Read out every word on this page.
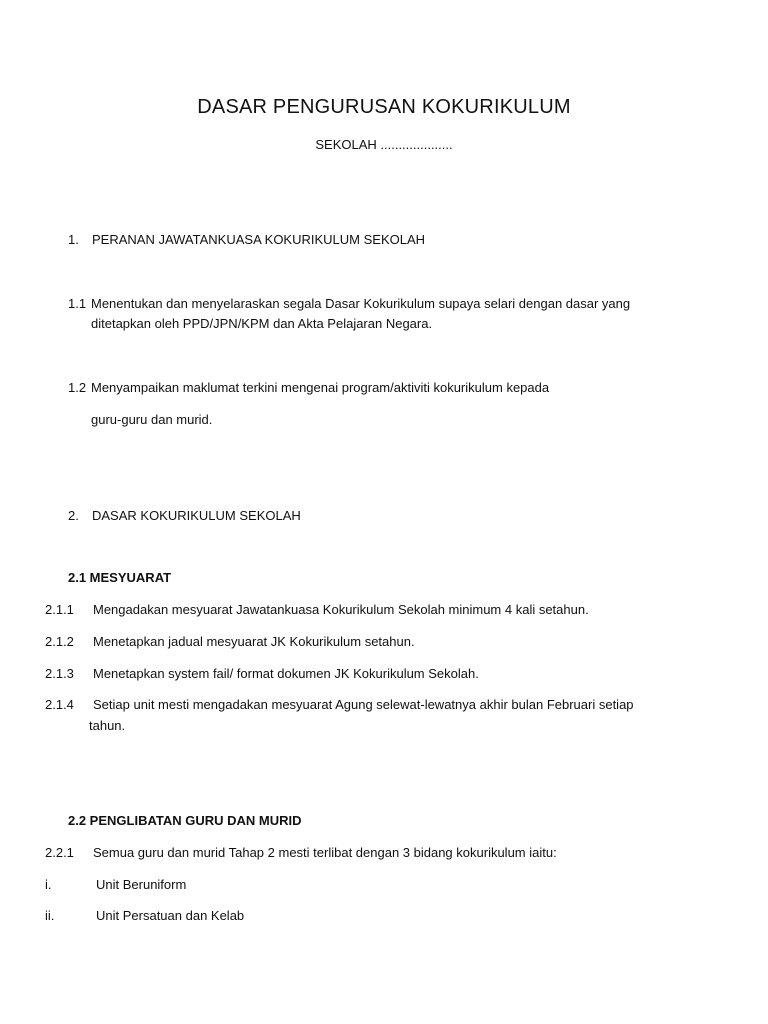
DASAR PENGURUSAN KOKURIKULUM
SEKOLAH ....................
1. PERANAN JAWATANKUASA KOKURIKULUM SEKOLAH
1.1 Menentukan dan menyelaraskan segala Dasar Kokurikulum supaya selari dengan dasar yang
ditetapkan oleh PPD/JPN/KPM dan Akta Pelajaran Negara.
1.2 Menyampaikan maklumat terkini mengenai program/aktiviti kokurikulum kepada
guru-guru dan murid.
2. DASAR KOKURIKULUM SEKOLAH
2.1 MESYUARAT
2.1.1 Mengadakan mesyuarat Jawatankuasa Kokurikulum Sekolah minimum 4 kali setahun.
2.1.2 Menetapkan jadual mesyuarat JK Kokurikulum setahun.
2.1.3 Menetapkan system fail/ format dokumen JK Kokurikulum Sekolah.
2.1.4 Setiap unit mesti mengadakan mesyuarat Agung selewat-lewatnya akhir bulan Februari setiap
tahun.
2.2 PENGLIBATAN GURU DAN MURID
2.2.1 Semua guru dan murid Tahap 2 mesti terlibat dengan 3 bidang kokurikulum iaitu:
i.	Unit Beruniform
ii.	Unit Persatuan dan Kelab
